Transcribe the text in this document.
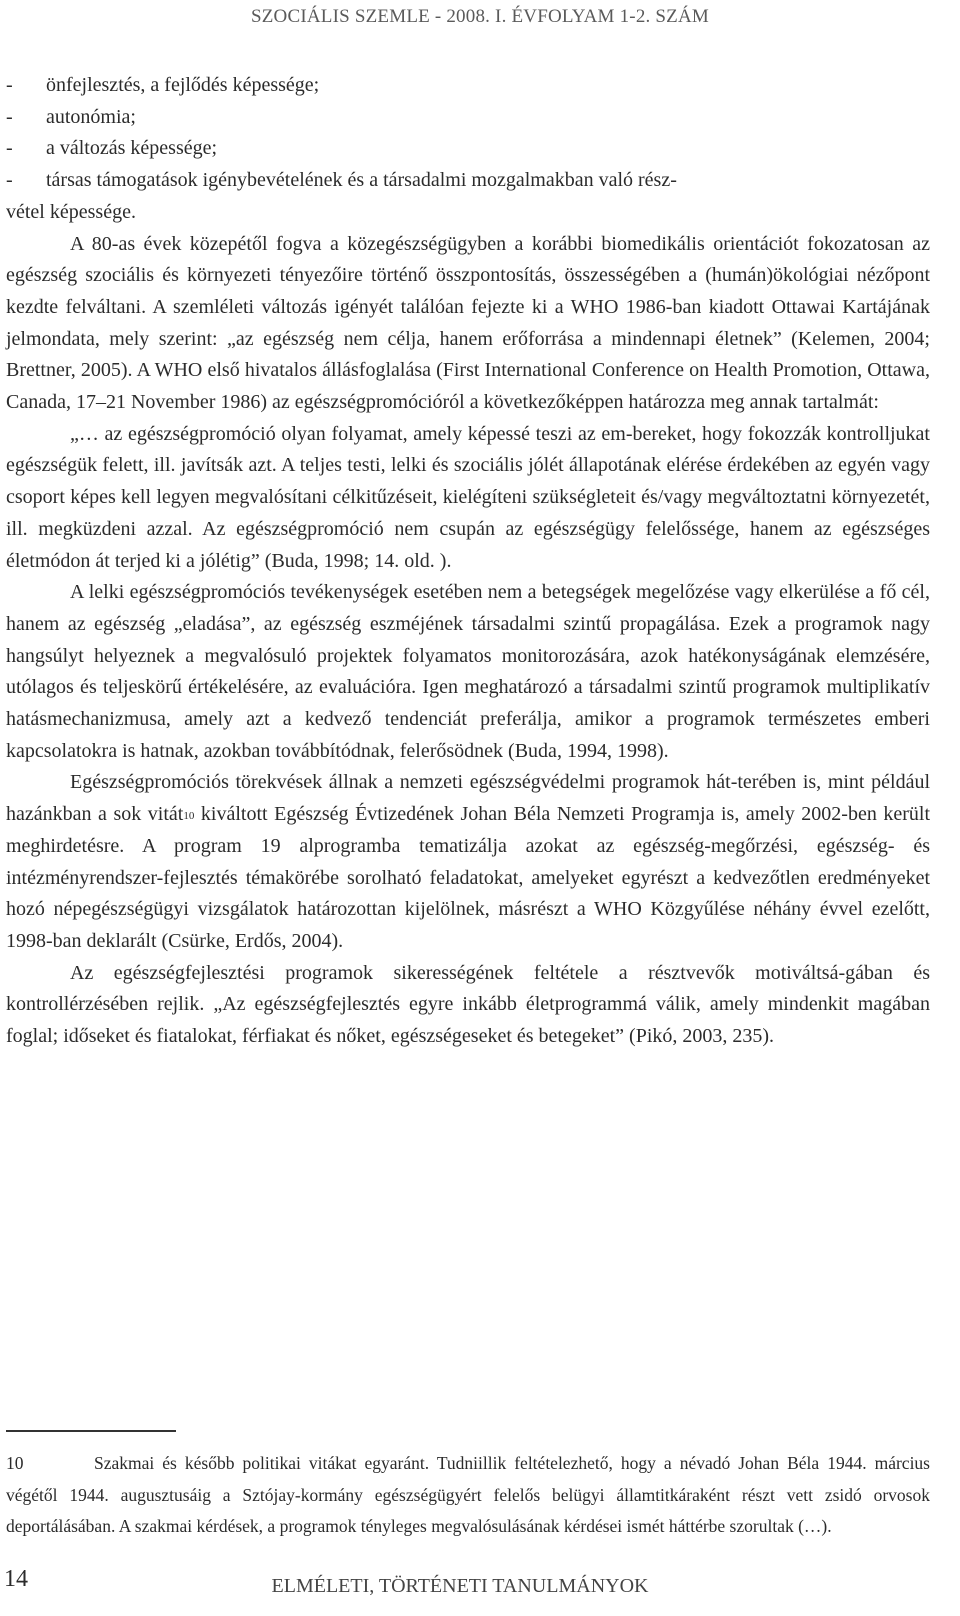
SZOCIÁLIS SZEMLE - 2008. I. ÉVFOLYAM 1-2. SZÁM
- önfejlesztés, a fejlődés képessége;
- autonómia;
- a változás képessége;
- társas támogatások igénybevételének és a társadalmi mozgalmakban való rész-

vétel képessége.

A 80-as évek közepétől fogva a közegészségügyben a korábbi biomedikális orientációt fokozatosan az egészség szociális és környezeti tényezőire történő összpontosítás, összességében a (humán)ökológiai nézőpont kezdte felváltani. A szemléleti változás igényét találóan fejezte ki a WHO 1986-ban kiadott Ottawai Kartájának jelmondata, mely szerint: „az egészség nem célja, hanem erőforrása a mindennapi életnek” (Kelemen, 2004; Brettner, 2005). A WHO első hivatalos állásfoglalása (First International Conference on Health Promotion, Ottawa, Canada, 17–21 November 1986) az egészségpromócióról a következőképpen határozza meg annak tartalmát:

„… az egészségpromóció olyan folyamat, amely képessé teszi az em-bereket, hogy fokozzák kontrolljukat egészségük felett, ill. javítsák azt. A teljes testi, lelki és szociális jólét állapotának elérése érdekében az egyén vagy csoport képes kell legyen megvalósítani célkitűzéseit, kielégíteni szükségleteit és/vagy megváltoztatni környezetét, ill. megküzdeni azzal. Az egészségpromóció nem csupán az egészségügy felelőssége, hanem az egészséges életmódon át terjed ki a jólétig” (Buda, 1998; 14. old. ).

A lelki egészségpromóciós tevékenységek esetében nem a betegségek megelőzése vagy elkerülése a fő cél, hanem az egészség „eladása”, az egészség eszméjének társadalmi szintű propagálása. Ezek a programok nagy hangsúlyt helyeznek a megvalósuló projektek folyamatos monitorozására, azok hatékonyságának elemzésére, utólagos és teljeskörű értékelésére, az evaluációra. Igen meghatározó a társadalmi szintű programok multiplikatív hatásmechanizmusa, amely azt a kedvező tendenciát preferálja, amikor a programok természetes emberi kapcsolatokra is hatnak, azokban továbbítódnak, felerősödnek (Buda, 1994, 1998).

Egészségpromóciós törekvések állnak a nemzeti egészségvédelmi programok hát-terében is, mint például hazánkban a sok vitát$^{10}$ kiváltott Egészség Évtizedének Johan Béla Nemzeti Programja is, amely 2002-ben került meghirdetésre. A program 19 alprogramba tematizálja azokat az egészség-megőrzési, egészség- és intézményrendszer-fejlesztés témakörébe sorolható feladatokat, amelyeket egyrészt a kedvezőtlen eredményeket hozó népegészségügyi vizsgálatok határozottan kijelölnek, másrészt a WHO Közgyűlése néhány évvel ezelőtt, 1998-ban deklarált (Csürke, Erdős, 2004).

Az egészségfejlesztési programok sikerességének feltétele a résztvevők motiváltsá-gában és kontrollérzésében rejlik. „Az egészségfejlesztés egyre inkább életprogrammá válik, amely mindenkit magában foglal; időseket és fiatalokat, férfiakat és nőket, egészségeseket és betegeket” (Pikó, 2003, 235).

10	Szakmai és később politikai vitákat egyaránt. Tudniillik feltételezhető, hogy a névadó Johan Béla 1944. március végétől 1944. augusztusáig a Sztójay-kormány egészségügyért felelős belügyi államtitkáraként részt vett zsidó orvosok deportálásában. A szakmai kérdések, a programok tényleges megvalósulásának kérdései ismét háttérbe szorultak (…).
14	ELMÉLETI, TÖRTÉNETI TANULMÁNYOK
